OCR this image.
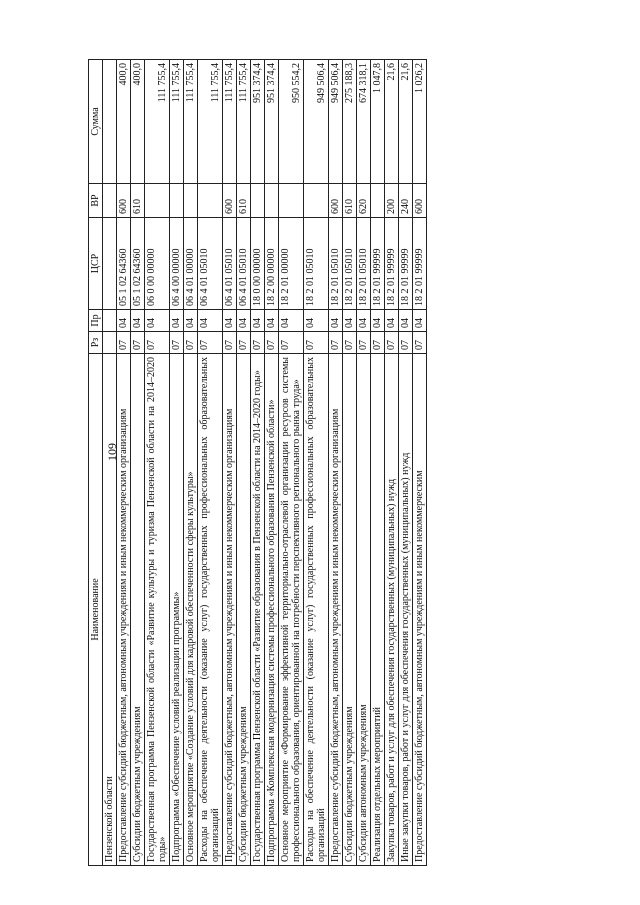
109
Наименование	Рз	Пр	ЦСР	ВР	Сумма
Пензенской области					
Предоставление субсидий бюджетным, автономным учреждениям и иным некоммерческим организациям	07	04	05 1 02 64360	600	400,0
Субсидии бюджетным учреждениям	07	04	05 1 02 64360	610	400,0
Государственная программа Пензенской области «Развитие культуры и туризма Пензенской области на 2014–2020 годы»	07	04	06 0 00 00000		111 755,4
Подпрограмма «Обеспечение условий реализации программы»	07	04	06 4 00 00000		111 755,4
Основное мероприятие «Создание условий для кадровой обеспеченности сферы культуры»	07	04	06 4 01 00000		111 755,4
Расходы на обеспечение деятельности (оказание услуг) государственных профессиональных образовательных организаций	07	04	06 4 01 05010		111 755,4
Предоставление субсидий бюджетным, автономным учреждениям и иным некоммерческим организациям	07	04	06 4 01 05010	600	111 755,4
Субсидии бюджетным учреждениям	07	04	06 4 01 05010	610	111 755,4
Государственная программа Пензенской области «Развитие образования в Пензенской области на 2014–2020 годы»	07	04	18 0 00 00000		951 374,4
Подпрограмма «Комплексная модернизация системы профессионального образования Пензенской области»	07	04	18 2 00 00000		951 374,4
Основное мероприятие «Формирование эффективной территориально-отраслевой организации ресурсов системы профессионального образования, ориентированной на потребности перспективного регионального рынка труда»	07	04	18 2 01 00000		950 554,2
Расходы на обеспечение деятельности (оказание услуг) государственных профессиональных образовательных организаций	07	04	18 2 01 05010		949 506,4
Предоставление субсидий бюджетным, автономным учреждениям и иным некоммерческим организациям	07	04	18 2 01 05010	600	949 506,4
Субсидии бюджетным учреждениям	07	04	18 2 01 05010	610	275 188,3
Субсидии автономным учреждениям	07	04	18 2 01 05010	620	674 318,1
Реализация отдельных мероприятий	07	04	18 2 01 99999		1 047,8
Закупка товаров, работ и услуг для обеспечения государственных (муниципальных) нужд	07	04	18 2 01 99999	200	21,6
Иные закупки товаров, работ и услуг для обеспечения государственных (муниципальных) нужд	07	04	18 2 01 99999	240	21,6
Предоставление субсидий бюджетным, автономным учреждениям и иным некоммерческим	07	04	18 2 01 99999	600	1 026,2
